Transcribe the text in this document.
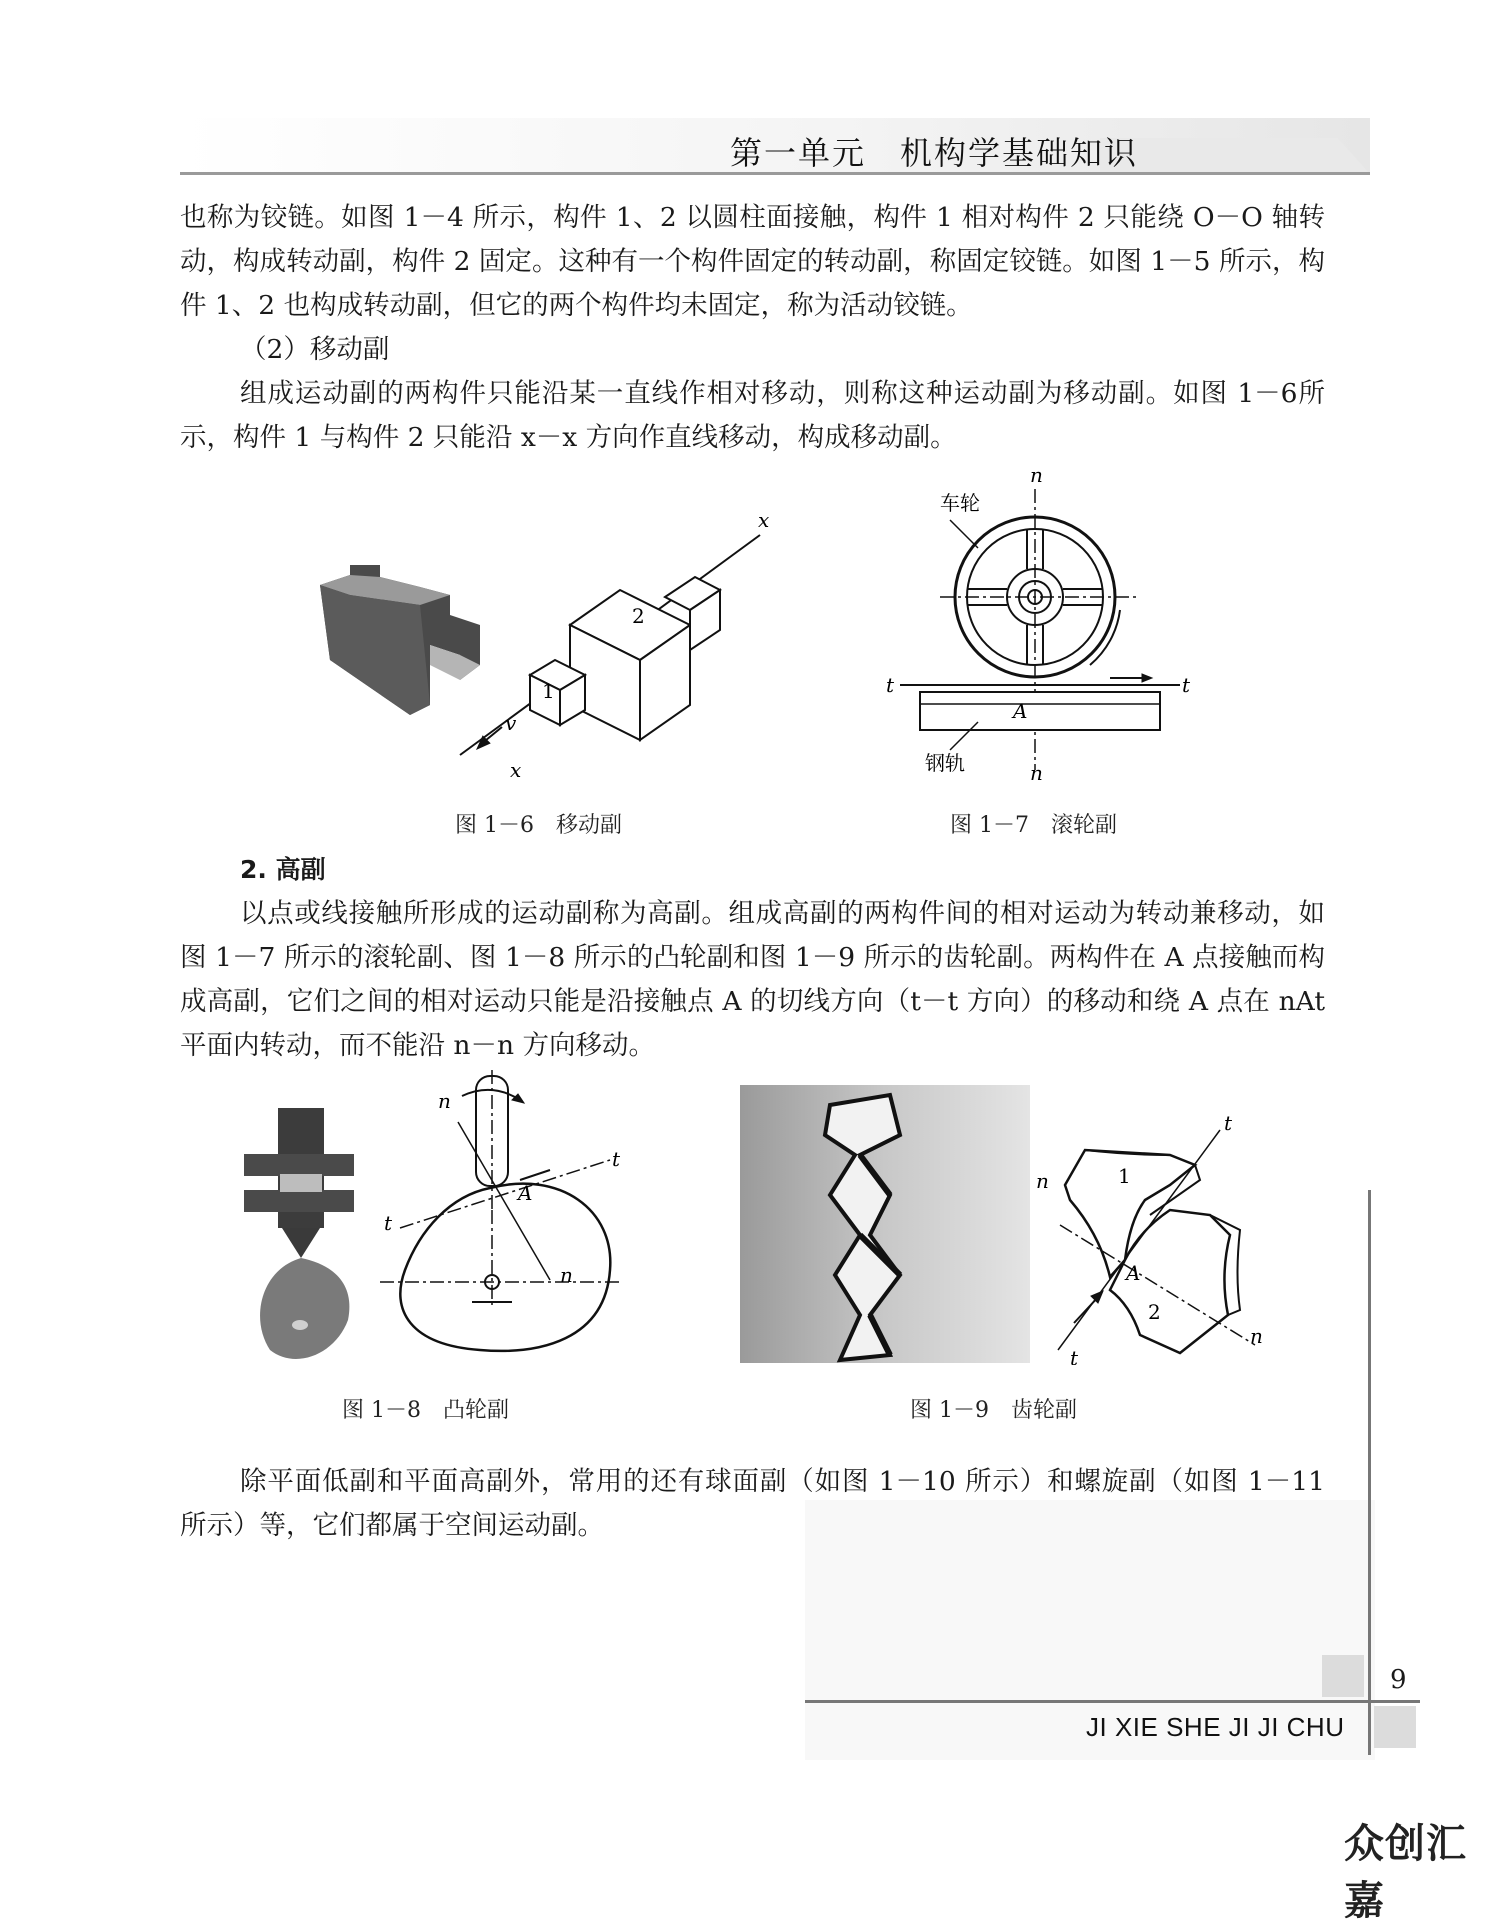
第一单元　机构学基础知识

也称为铰链。如图 1－4 所示，构件 1、2 以圆柱面接触，构件 1 相对构件 2 只能绕 O－O 轴转动，构成转动副，构件 2 固定。这种有一个构件固定的转动副，称固定铰链。如图 1－5 所示，构件 1、2 也构成转动副，但它的两个构件均未固定，称为活动铰链。

（2）移动副

组成运动副的两构件只能沿某一直线作相对移动，则称这种运动副为移动副。如图 1－6所示，构件 1 与构件 2 只能沿 x－x 方向作直线移动，构成移动副。

x
x
v
1
2
图 1－6　移动副
n
n
t	t
A
车轮
钢轨
图 1－7　滚轮副

2. 高副

以点或线接触所形成的运动副称为高副。组成高副的两构件间的相对运动为转动兼移动，如图 1－7 所示的滚轮副、图 1－8 所示的凸轮副和图 1－9 所示的齿轮副。两构件在 A 点接触而构成高副，它们之间的相对运动只能是沿接触点 A 的切线方向（t－t 方向）的移动和绕 A 点在 nAt 平面内转动，而不能沿 n－n 方向移动。

n
n
t
t
A
图 1－8　凸轮副
t
t
n
n
A
1
2
图 1－9　齿轮副

除平面低副和平面高副外，常用的还有球面副（如图 1－10 所示）和螺旋副（如图 1－11 所示）等，它们都属于空间运动副。

9
JI XIE SHE JI JI CHU
众创汇嘉
